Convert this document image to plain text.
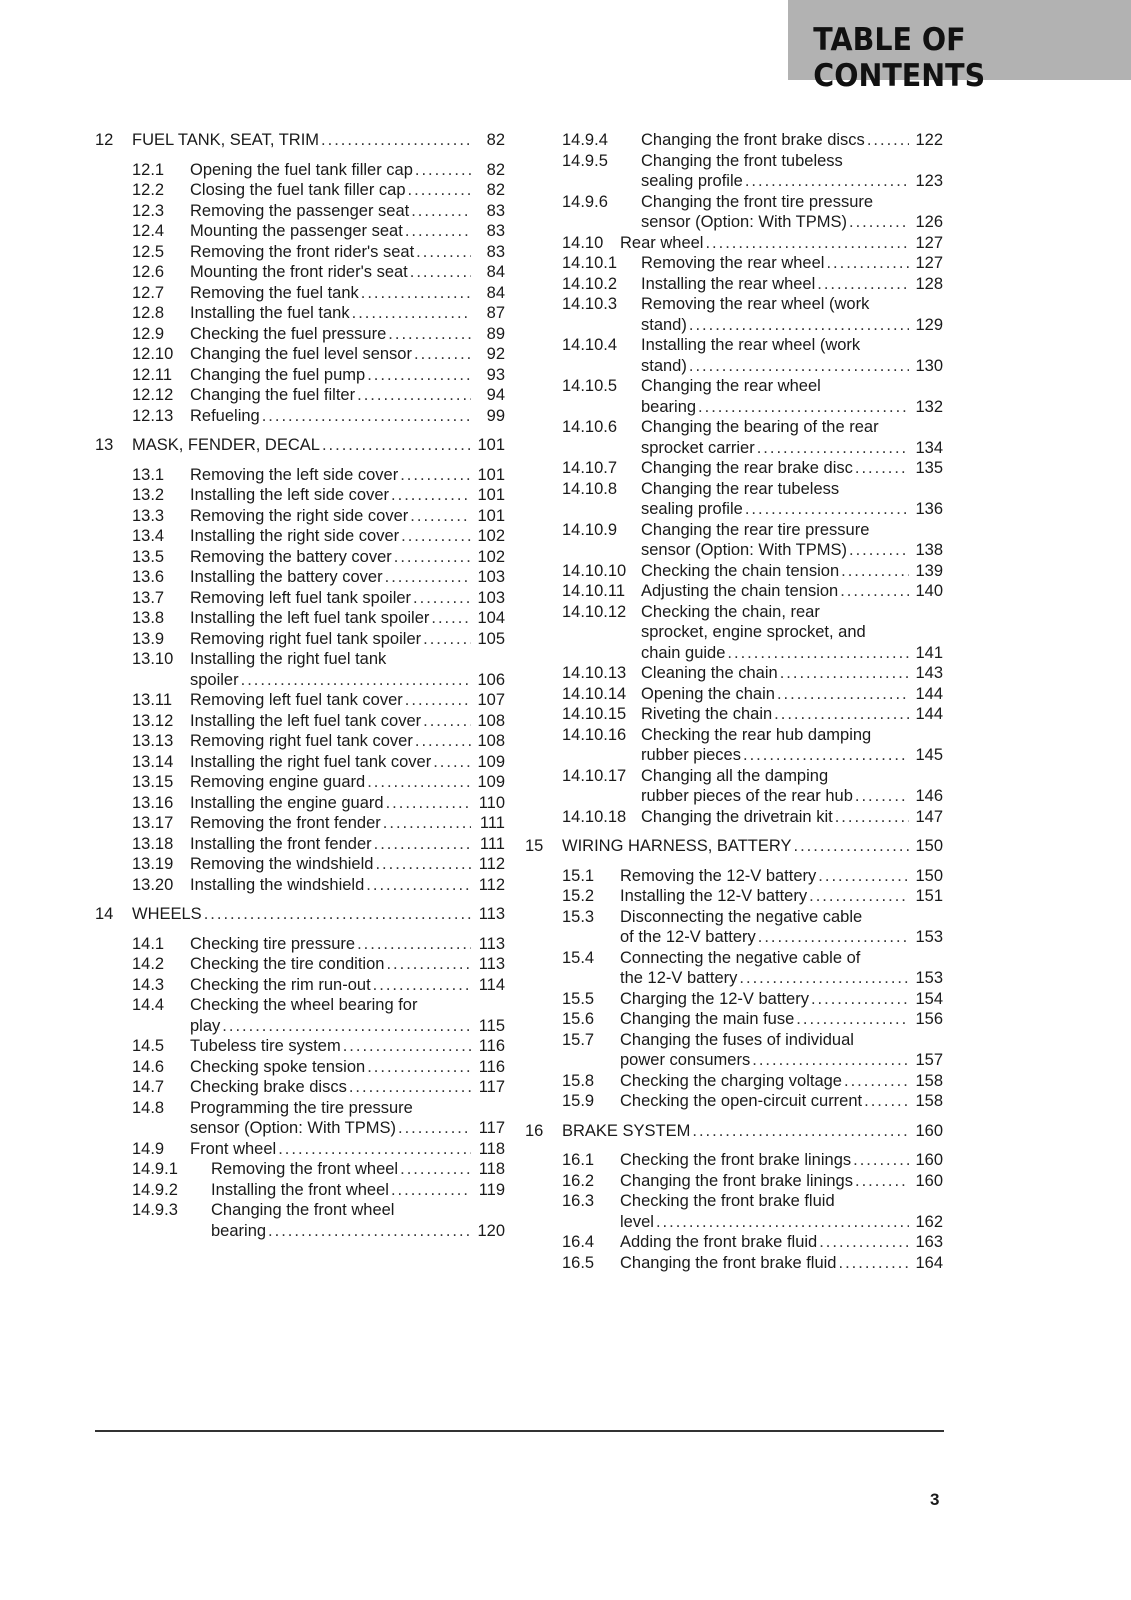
TABLE OF CONTENTS
12 FUEL TANK, SEAT, TRIM .....	82
12.1 Opening the fuel tank filler cap .....	82
12.2 Closing the fuel tank filler cap .....	82
12.3 Removing the passenger seat .....	83
12.4 Mounting the passenger seat .....	83
12.5 Removing the front rider's seat .....	83
12.6 Mounting the front rider's seat .....	84
12.7 Removing the fuel tank .....	84
12.8 Installing the fuel tank .....	87
12.9 Checking the fuel pressure .....	89
12.10 Changing the fuel level sensor .....	92
12.11 Changing the fuel pump .....	93
12.12 Changing the fuel filter .....	94
12.13 Refueling .....	99
13 MASK, FENDER, DECAL .....	101
13.1 Removing the left side cover .....	101
13.2 Installing the left side cover .....	101
13.3 Removing the right side cover .....	101
13.4 Installing the right side cover .....	102
13.5 Removing the battery cover .....	102
13.6 Installing the battery cover .....	103
13.7 Removing left fuel tank spoiler .....	103
13.8 Installing the left fuel tank spoiler .....	104
13.9 Removing right fuel tank spoiler .....	105
13.10 Installing the right fuel tank
spoiler .....	106
13.11 Removing left fuel tank cover .....	107
13.12 Installing the left fuel tank cover .....	108
13.13 Removing right fuel tank cover .....	108
13.14 Installing the right fuel tank cover .....	109
13.15 Removing engine guard .....	109
13.16 Installing the engine guard .....	110
13.17 Removing the front fender .....	111
13.18 Installing the front fender .....	111
13.19 Removing the windshield .....	112
13.20 Installing the windshield .....	112
14 WHEELS .....	113
14.1 Checking tire pressure .....	113
14.2 Checking the tire condition .....	113
14.3 Checking the rim run-out .....	114
14.4 Checking the wheel bearing for
play .....	115
14.5 Tubeless tire system .....	116
14.6 Checking spoke tension .....	116
14.7 Checking brake discs .....	117
14.8 Programming the tire pressure
sensor (Option: With TPMS) .....	117
14.9 Front wheel .....	118
14.9.1 Removing the front wheel .....	118
14.9.2 Installing the front wheel .....	119
14.9.3 Changing the front wheel
bearing .....	120
14.9.4 Changing the front brake discs .....	122
14.9.5 Changing the front tubeless
sealing profile .....	123
14.9.6 Changing the front tire pressure
sensor (Option: With TPMS) .....	126
14.10 Rear wheel .....	127
14.10.1 Removing the rear wheel .....	127
14.10.2 Installing the rear wheel .....	128
14.10.3 Removing the rear wheel (work
stand) .....	129
14.10.4 Installing the rear wheel (work
stand) .....	130
14.10.5 Changing the rear wheel
bearing .....	132
14.10.6 Changing the bearing of the rear
sprocket carrier .....	134
14.10.7 Changing the rear brake disc .....	135
14.10.8 Changing the rear tubeless
sealing profile .....	136
14.10.9 Changing the rear tire pressure
sensor (Option: With TPMS) .....	138
14.10.10 Checking the chain tension .....	139
14.10.11 Adjusting the chain tension .....	140
14.10.12 Checking the chain, rear
sprocket, engine sprocket, and
chain guide .....	141
14.10.13 Cleaning the chain .....	143
14.10.14 Opening the chain .....	144
14.10.15 Riveting the chain .....	144
14.10.16 Checking the rear hub damping
rubber pieces .....	145
14.10.17 Changing all the damping
rubber pieces of the rear hub .....	146
14.10.18 Changing the drivetrain kit .....	147
15 WIRING HARNESS, BATTERY .....	150
15.1 Removing the 12-V battery .....	150
15.2 Installing the 12-V battery .....	151
15.3 Disconnecting the negative cable
of the 12-V battery .....	153
15.4 Connecting the negative cable of
the 12-V battery .....	153
15.5 Charging the 12-V battery .....	154
15.6 Changing the main fuse .....	156
15.7 Changing the fuses of individual
power consumers .....	157
15.8 Checking the charging voltage .....	158
15.9 Checking the open-circuit current .....	158
16 BRAKE SYSTEM .....	160
16.1 Checking the front brake linings .....	160
16.2 Changing the front brake linings .....	160
16.3 Checking the front brake fluid
level .....	162
16.4 Adding the front brake fluid .....	163
16.5 Changing the front brake fluid .....	164
3
